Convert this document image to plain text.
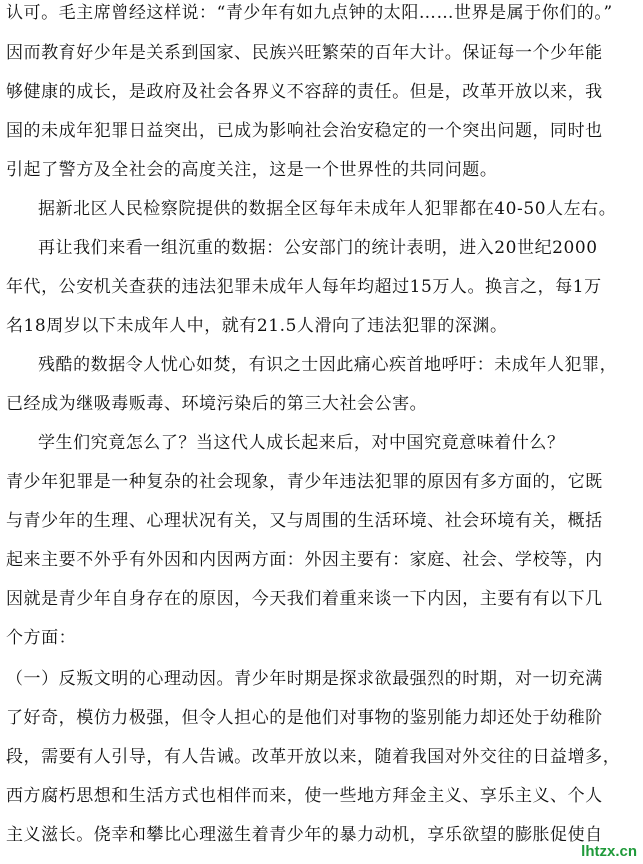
认可。毛主席曾经这样说：“青少年有如九点钟的太阳……世界是属于你们的。”
因而教育好少年是关系到国家、民族兴旺繁荣的百年大计。保证每一个少年能
够健康的成长，是政府及社会各界义不容辞的责任。但是，改革开放以来，我
国的未成年犯罪日益突出，已成为影响社会治安稳定的一个突出问题，同时也
引起了警方及全社会的高度关注，这是一个世界性的共同问题。
据新北区人民检察院提供的数据全区每年未成年人犯罪都在40-50人左右。
再让我们来看一组沉重的数据：公安部门的统计表明，进入20世纪2000
年代，公安机关查获的违法犯罪未成年人每年均超过15万人。换言之，每1万
名18周岁以下未成年人中，就有21.5人滑向了违法犯罪的深渊。
残酷的数据令人忧心如焚，有识之士因此痛心疾首地呼吁：未成年人犯罪，
已经成为继吸毒贩毒、环境污染后的第三大社会公害。
学生们究竟怎么了？当这代人成长起来后，对中国究竟意味着什么？
青少年犯罪是一种复杂的社会现象，青少年违法犯罪的原因有多方面的，它既
与青少年的生理、心理状况有关，又与周围的生活环境、社会环境有关，概括
起来主要不外乎有外因和内因两方面：外因主要有：家庭、社会、学校等，内
因就是青少年自身存在的原因，今天我们着重来谈一下内因，主要有有以下几
个方面：
（一）反叛文明的心理动因。青少年时期是探求欲最强烈的时期，对一切充满
了好奇，模仿力极强，但令人担心的是他们对事物的鉴别能力却还处于幼稚阶
段，需要有人引导，有人告诫。改革开放以来，随着我国对外交往的日益增多，
西方腐朽思想和生活方式也相伴而来，使一些地方拜金主义、享乐主义、个人
主义滋长。侥幸和攀比心理滋生着青少年的暴力动机，享乐欲望的膨胀促使自
lhtzx.cn
